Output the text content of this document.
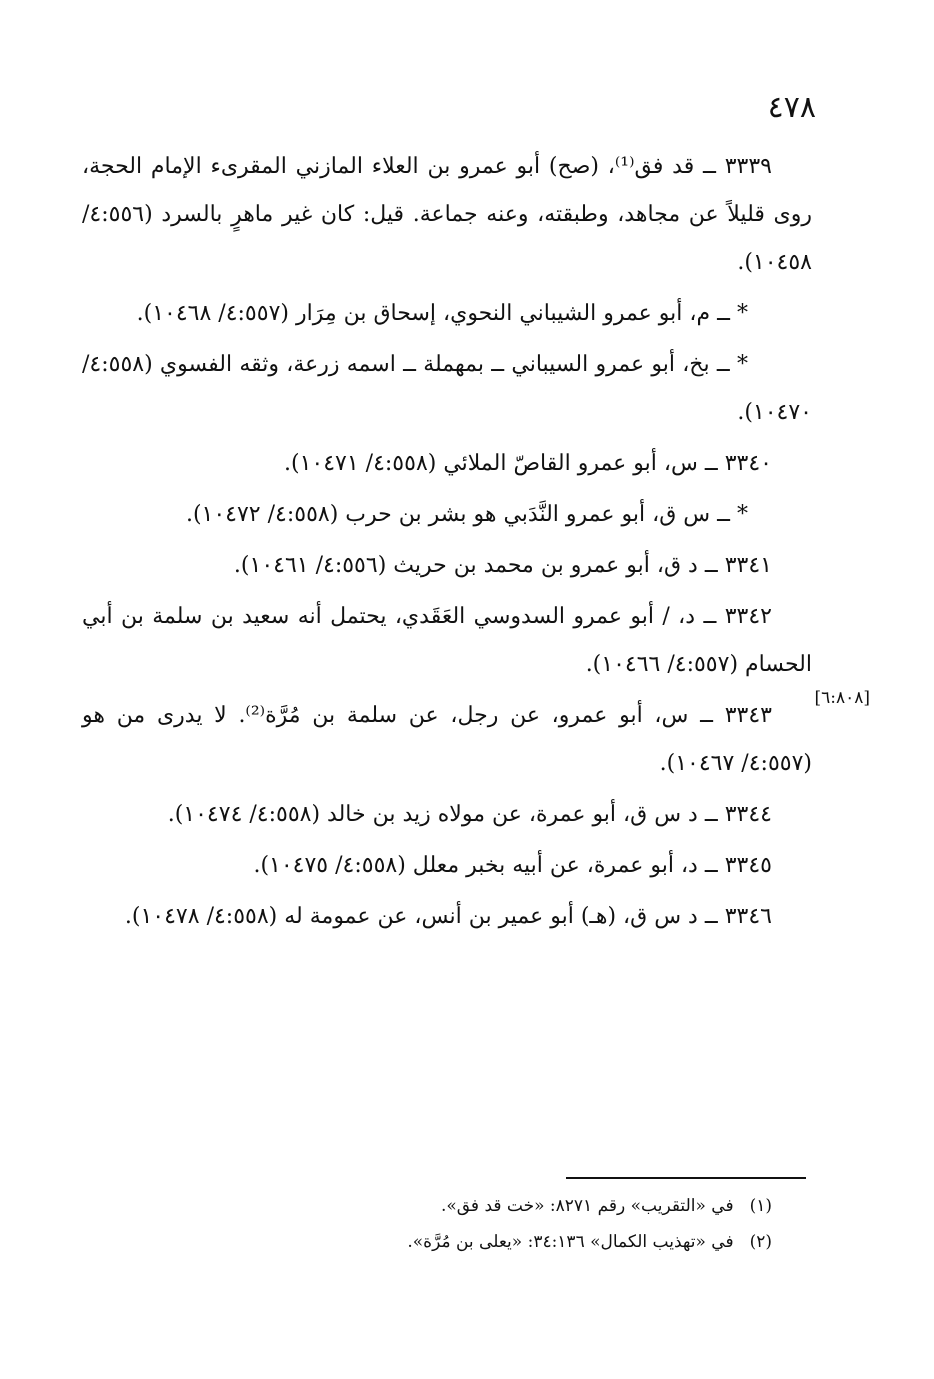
٤٧٨
[٦:٨٠٨]

٣٣٣٩ ــ قد فق⁽¹⁾، (صح) أبو عمرو بن العلاء المازني المقرىء الإمام الحجة، روى قليلاً عن مجاهد، وطبقته، وعنه جماعة. قيل: كان غير ماهرٍ بالسرد (٤:٥٥٦/ ١٠٤٥٨).

* ــ م، أبو عمرو الشيباني النحوي، إسحاق بن مِرَار (٤:٥٥٧/ ١٠٤٦٨).

* ــ بخ، أبو عمرو السيباني ــ بمهملة ــ اسمه زرعة، وثقه الفسوي (٤:٥٥٨/ ١٠٤٧٠).

٣٣٤٠ ــ س، أبو عمرو القاصّ الملائي (٤:٥٥٨/ ١٠٤٧١).

* ــ س ق، أبو عمرو النَّدَبي هو بشر بن حرب (٤:٥٥٨/ ١٠٤٧٢).

٣٣٤١ ــ د ق، أبو عمرو بن محمد بن حريث (٤:٥٥٦/ ١٠٤٦١).

٣٣٤٢ ــ د، / أبو عمرو السدوسي العَقَدي، يحتمل أنه سعيد بن سلمة بن أبي الحسام (٤:٥٥٧/ ١٠٤٦٦).

٣٣٤٣ ــ س، أبو عمرو، عن رجل، عن سلمة بن مُرَّة⁽²⁾. لا يدرى من هو (٤:٥٥٧/ ١٠٤٦٧).

٣٣٤٤ ــ د س ق، أبو عمرة، عن مولاه زيد بن خالد (٤:٥٥٨/ ١٠٤٧٤).

٣٣٤٥ ــ د، أبو عمرة، عن أبيه بخبر معلل (٤:٥٥٨/ ١٠٤٧٥).

٣٣٤٦ ــ د س ق، (هـ) أبو عمير بن أنس، عن عمومة له (٤:٥٥٨/ ١٠٤٧٨).

(١)في «التقريب» رقم ٨٢٧١: «خت قد فق».
(٢)في «تهذيب الكمال» ٣٤:١٣٦: «يعلى بن مُرَّة».
